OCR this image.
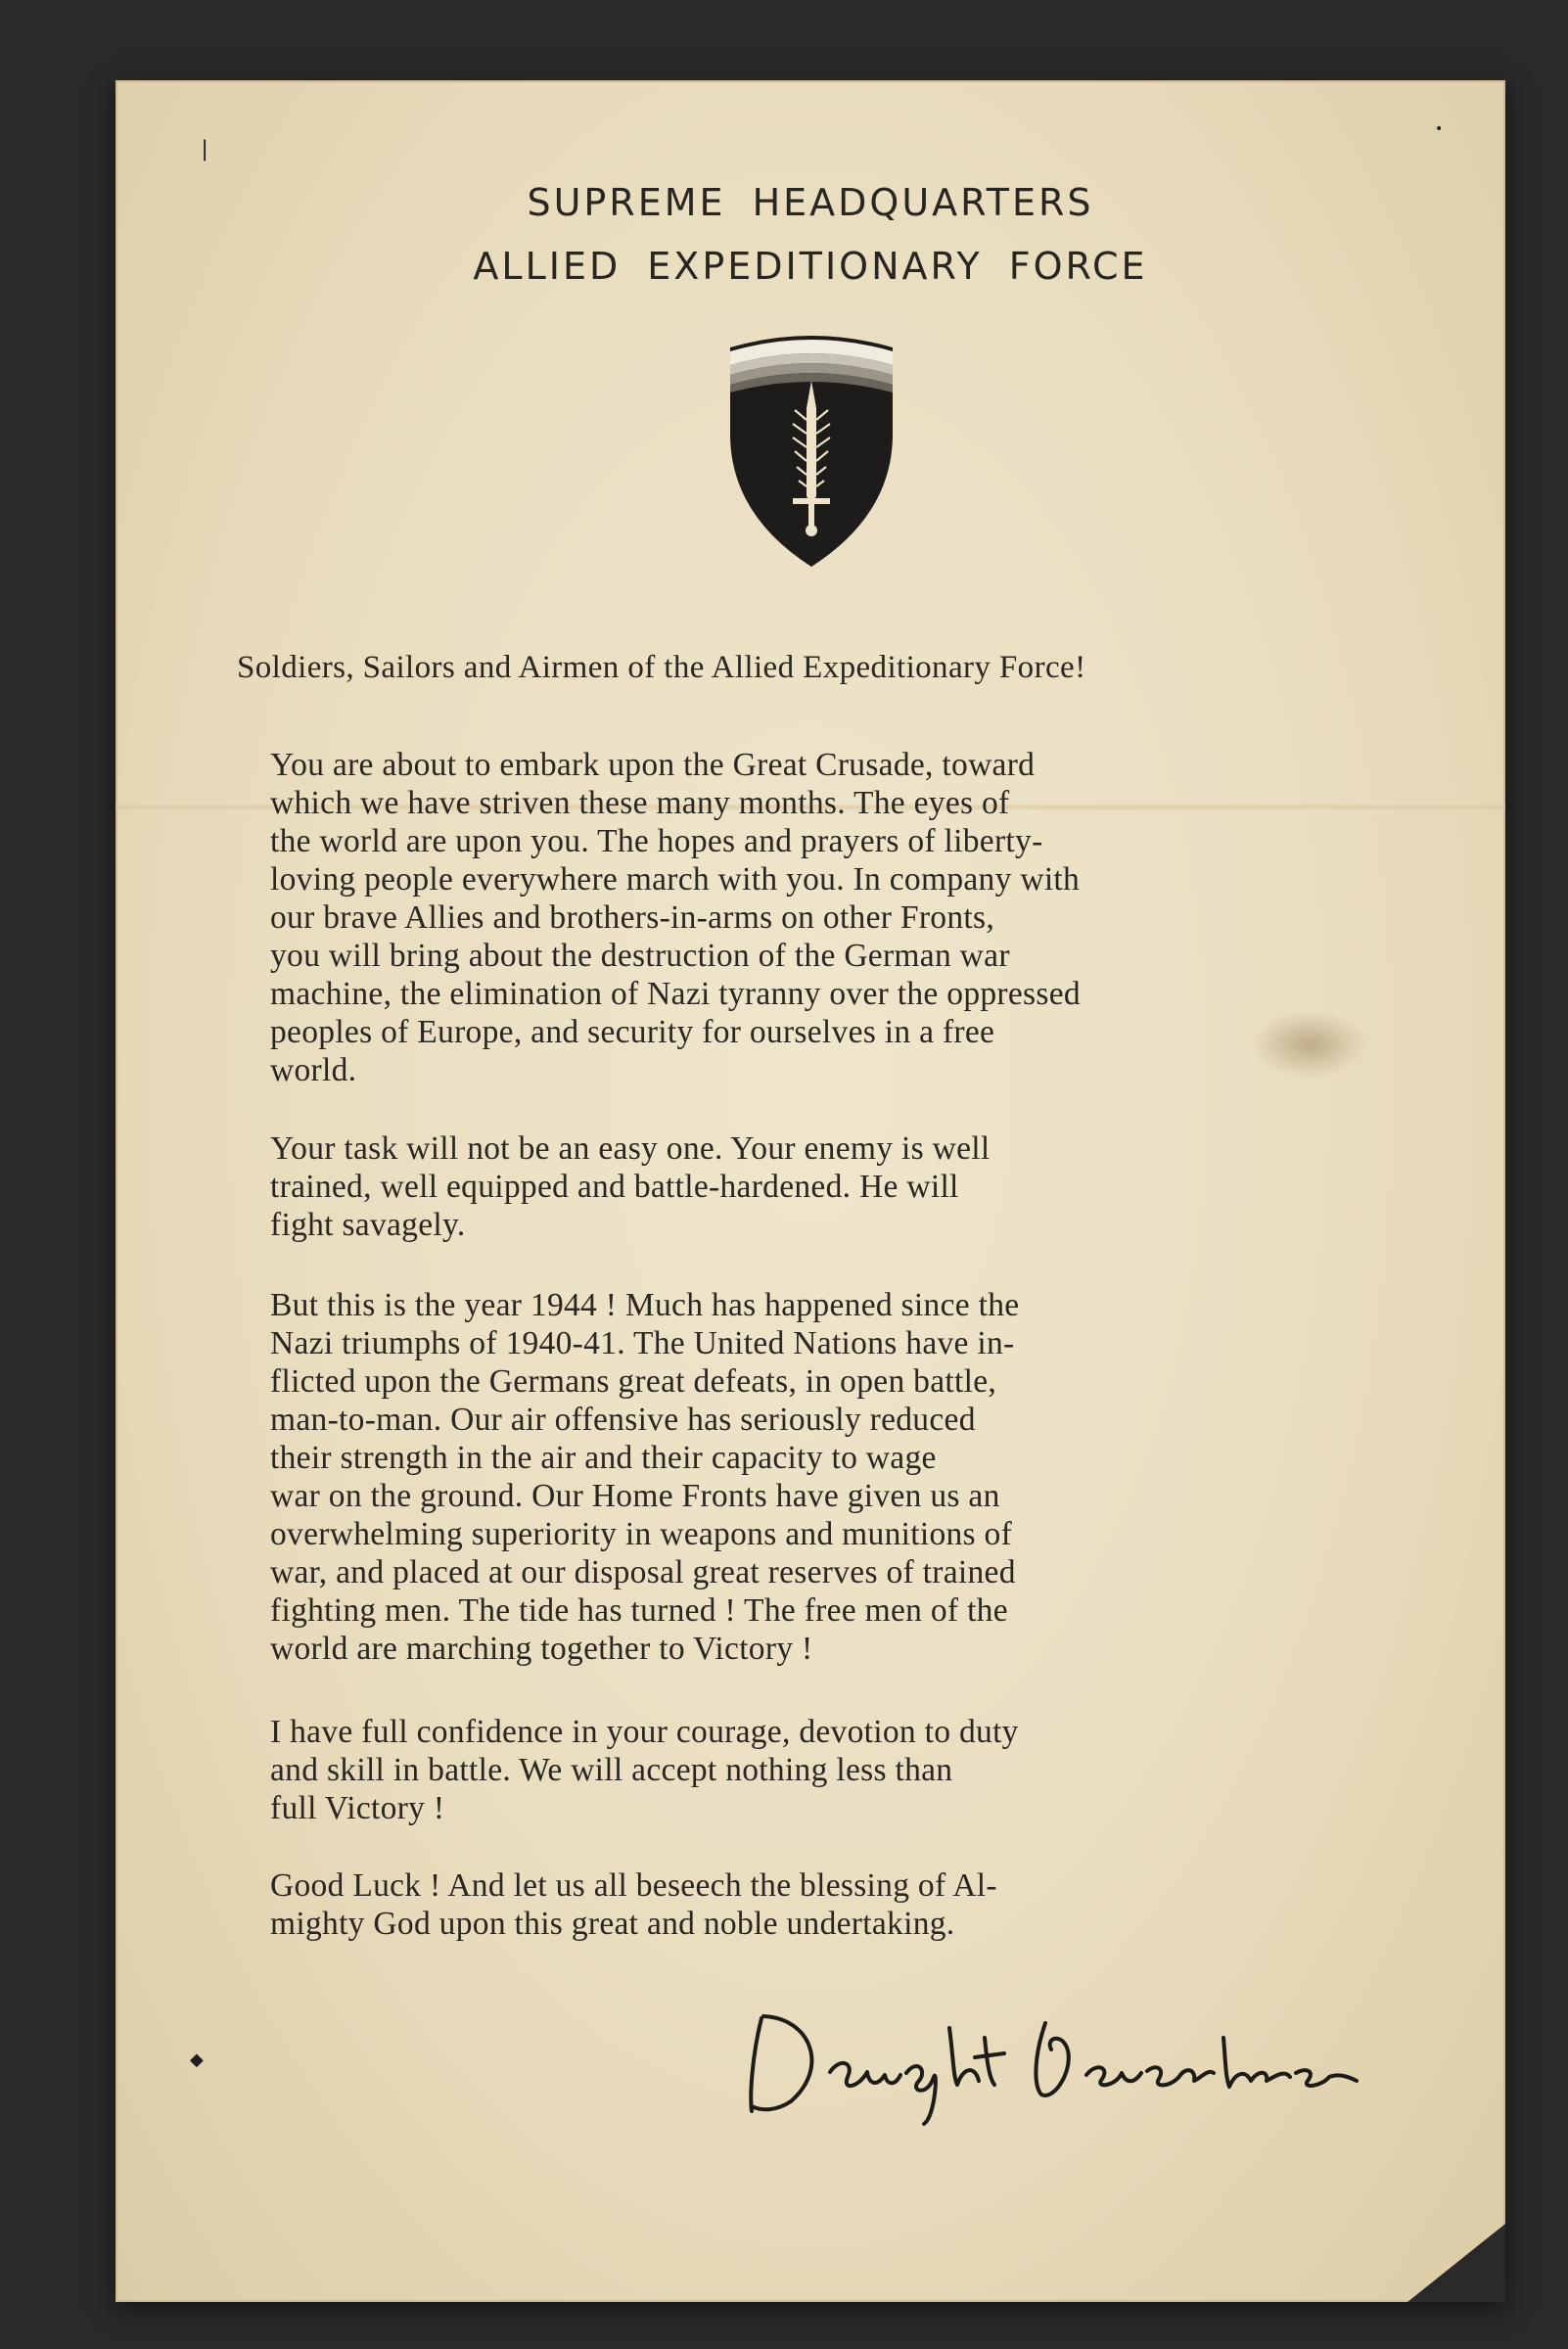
❘
•
◆
SUPREME HEADQUARTERS
ALLIED EXPEDITIONARY FORCE
Soldiers, Sailors and Airmen of the Allied Expeditionary Force!
You are about to embark upon the Great Crusade, toward
which we have striven these many months. The eyes of
the world are upon you. The hopes and prayers of liberty-
loving people everywhere march with you. In company with
our brave Allies and brothers-in-arms on other Fronts,
you will bring about the destruction of the German war
machine, the elimination of Nazi tyranny over the oppressed
peoples of Europe, and security for ourselves in a free
world.
Your task will not be an easy one. Your enemy is well
trained, well equipped and battle-hardened. He will
fight savagely.
But this is the year 1944 ! Much has happened since the
Nazi triumphs of 1940-41. The United Nations have in-
flicted upon the Germans great defeats, in open battle,
man-to-man. Our air offensive has seriously reduced
their strength in the air and their capacity to wage
war on the ground. Our Home Fronts have given us an
overwhelming superiority in weapons and munitions of
war, and placed at our disposal great reserves of trained
fighting men. The tide has turned ! The free men of the
world are marching together to Victory !
I have full confidence in your courage, devotion to duty
and skill in battle. We will accept nothing less than
full Victory !
Good Luck ! And let us all beseech the blessing of Al-
mighty God upon this great and noble undertaking.
